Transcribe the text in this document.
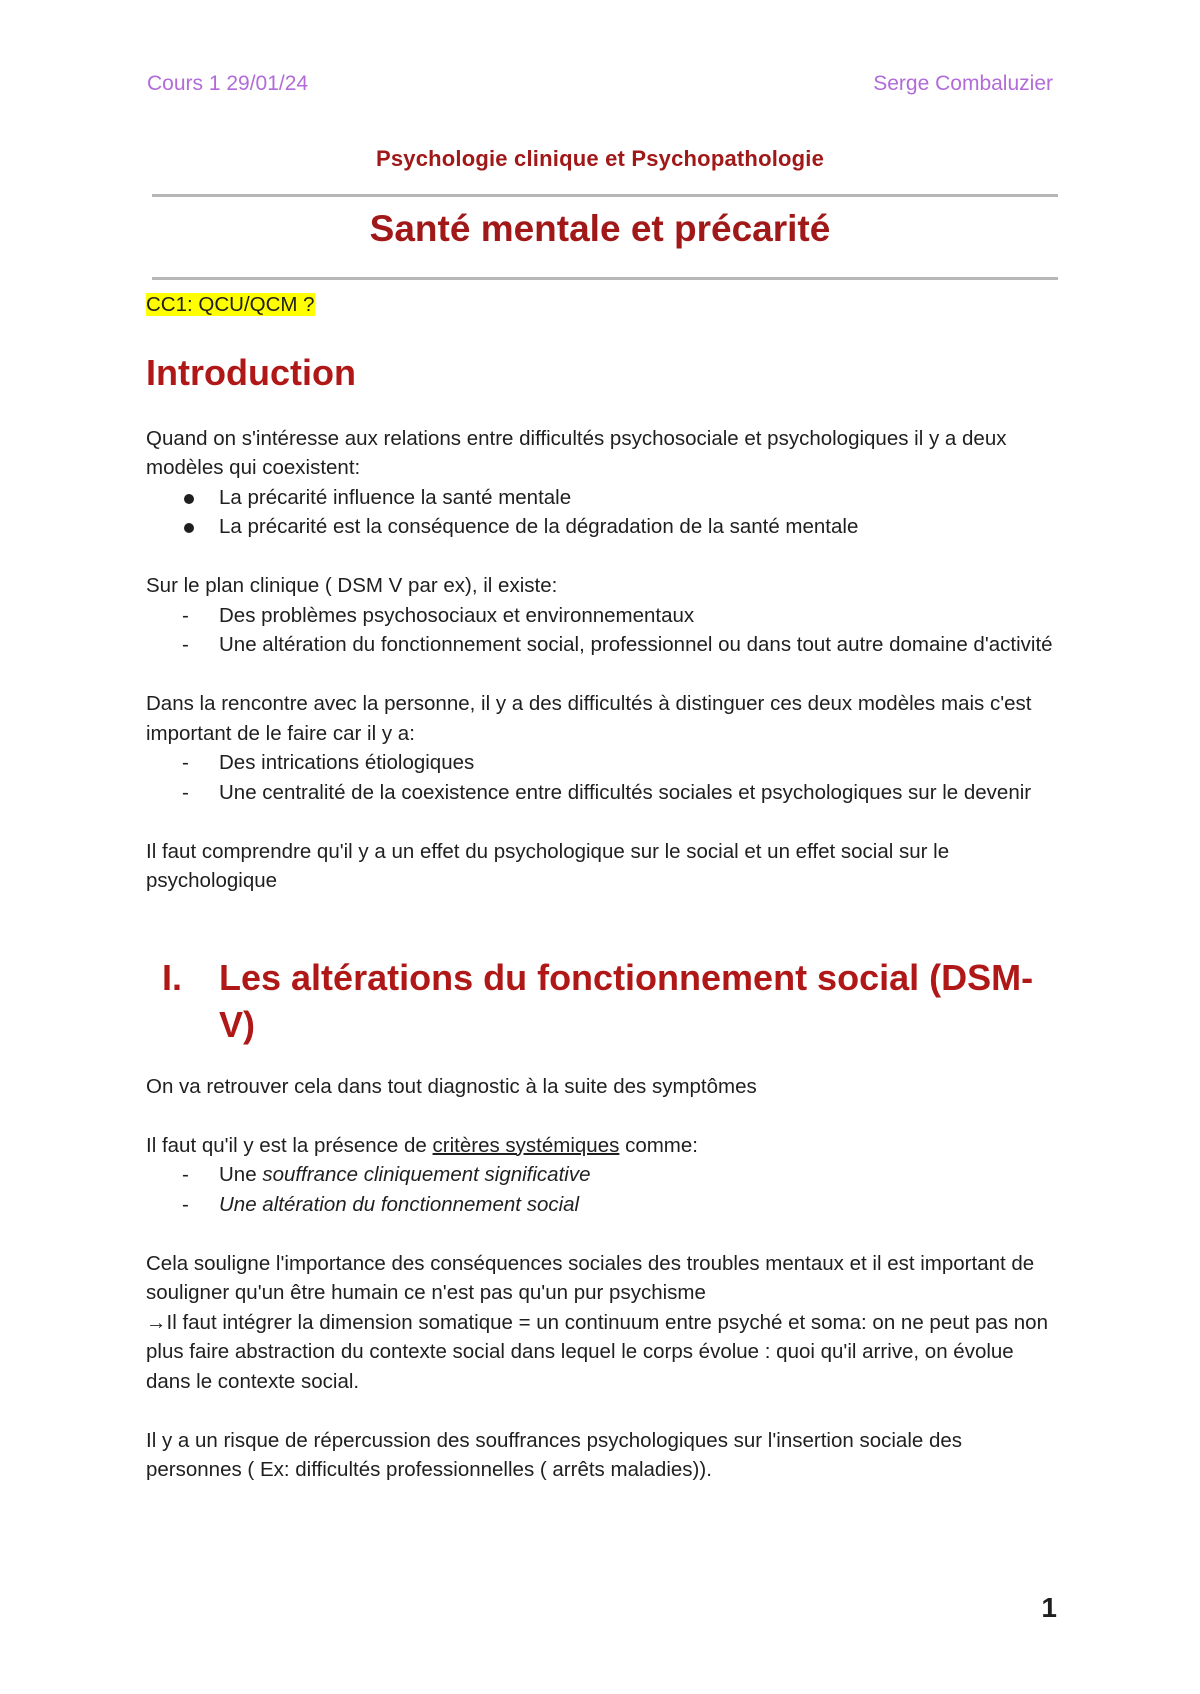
Cours 1 29/01/24	Serge Combaluzier
Psychologie clinique et Psychopathologie
Santé mentale et précarité

CC1: QCU/QCM ?

Introduction

Quand on s'intéresse aux relations entre difficultés psychosociale et psychologiques il y a deux modèles qui coexistent:

La précarité influence la santé mentale
La précarité est la conséquence de la dégradation de la santé mentale

Sur le plan clinique ( DSM V par ex), il existe:

-	Des problèmes psychosociaux et environnementaux
-	Une altération du fonctionnement social, professionnel ou dans tout autre domaine d'activité

Dans la rencontre avec la personne, il y a des difficultés à distinguer ces deux modèles mais c'est important de le faire car il y a:

-	Des intrications étiologiques
-	Une centralité de la coexistence entre difficultés sociales et psychologiques sur le devenir

Il faut comprendre qu'il y a un effet du psychologique sur le social et un effet social sur le psychologique

I. Les altérations du fonctionnement social (DSM-V)

On va retrouver cela dans tout diagnostic à la suite des symptômes

Il faut qu'il y est la présence de critères systémiques comme:

-	Une souffrance cliniquement significative
-	Une altération du fonctionnement social

Cela souligne l'importance des conséquences sociales des troubles mentaux et il est important de souligner qu'un être humain ce n'est pas qu'un pur psychisme

→Il faut intégrer la dimension somatique = un continuum entre psyché et soma: on ne peut pas non plus faire abstraction du contexte social dans lequel le corps évolue : quoi qu'il arrive, on évolue dans le contexte social.

Il y a un risque de répercussion des souffrances psychologiques sur l'insertion sociale des personnes ( Ex: difficultés professionnelles ( arrêts maladies)).

1
